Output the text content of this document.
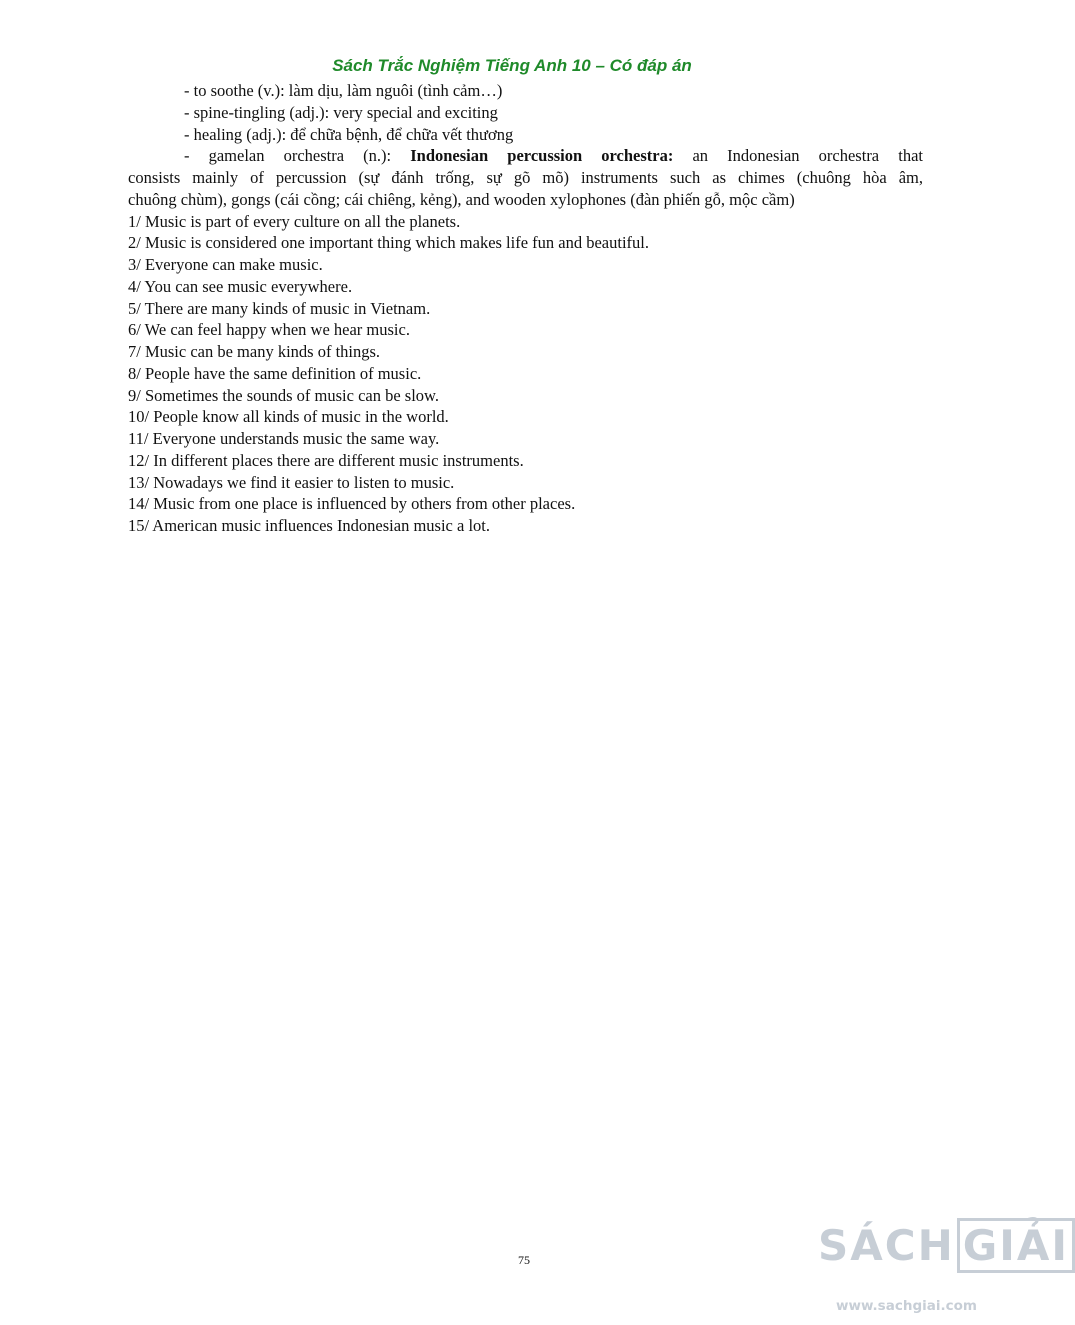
Sách Trắc Nghiệm Tiếng Anh 10 – Có đáp án
- to soothe (v.): làm dịu, làm nguôi (tình cảm…)
- spine-tingling (adj.): very special and exciting
- healing (adj.): để chữa bệnh, để chữa vết thương
- gamelan orchestra (n.): Indonesian percussion orchestra: an Indonesian orchestra that
consists mainly of percussion (sự đánh trống, sự gõ mõ) instruments such as chimes (chuông hòa âm,
chuông chùm), gongs (cái cồng; cái chiêng, kẻng), and wooden xylophones (đàn phiến gỗ, mộc cầm)
1/ Music is part of every culture on all the planets.
2/ Music is considered one important thing which makes life fun and beautiful.
3/ Everyone can make music.
4/ You can see music everywhere.
5/ There are many kinds of music in Vietnam.
6/ We can feel happy when we hear music.
7/ Music can be many kinds of things.
8/ People have the same definition of music.
9/ Sometimes the sounds of music can be slow.
10/ People know all kinds of music in the world.
11/ Everyone understands music the same way.
12/ In different places there are different music instruments.
13/ Nowadays we find it easier to listen to music.
14/ Music from one place is influenced by others from other places.
15/ American music influences Indonesian music a lot.
75	SÁCH GIẢI
www.sachgiai.com
